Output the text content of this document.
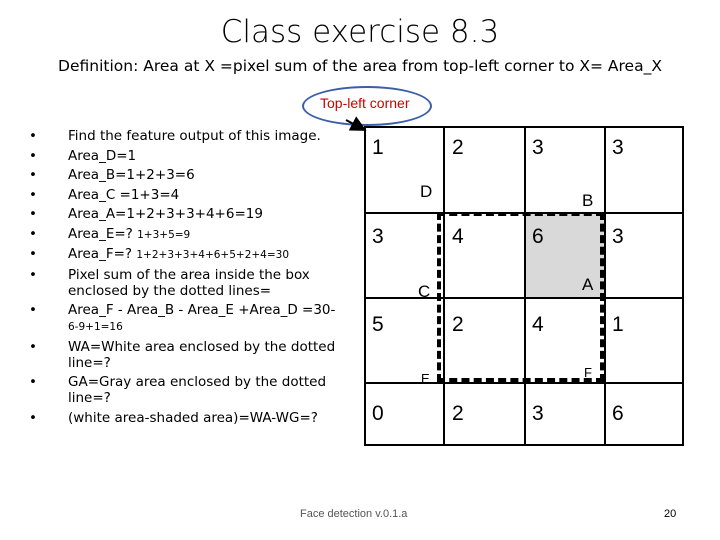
Class exercise 8.3
Definition: Area at X =pixel sum of the area from top-left corner to X= Area_X
Top-left corner
• Find the feature output of this image.
• Area_D=1
• Area_B=1+2+3=6
• Area_C =1+3=4
• Area_A=1+2+3+3+4+6=19
• Area_E=? 1+3+5=9
• Area_F=? 1+2+3+3+4+6+5+2+4=30
• Pixel sum of the area inside the box enclosed by the dotted lines=
• Area_F - Area_B - Area_E +Area_D =30-
6-9+1=16
• WA=White area enclosed by the dotted line=?
• GA=Gray area enclosed by the dotted line=?
• (white area-shaded area)=WA-WG=?
1	2	3	3
3	4	6	3
5	2	4	1
0	2	3	6
D	B
C	A
E	F
Face detection v.0.1.a	20
